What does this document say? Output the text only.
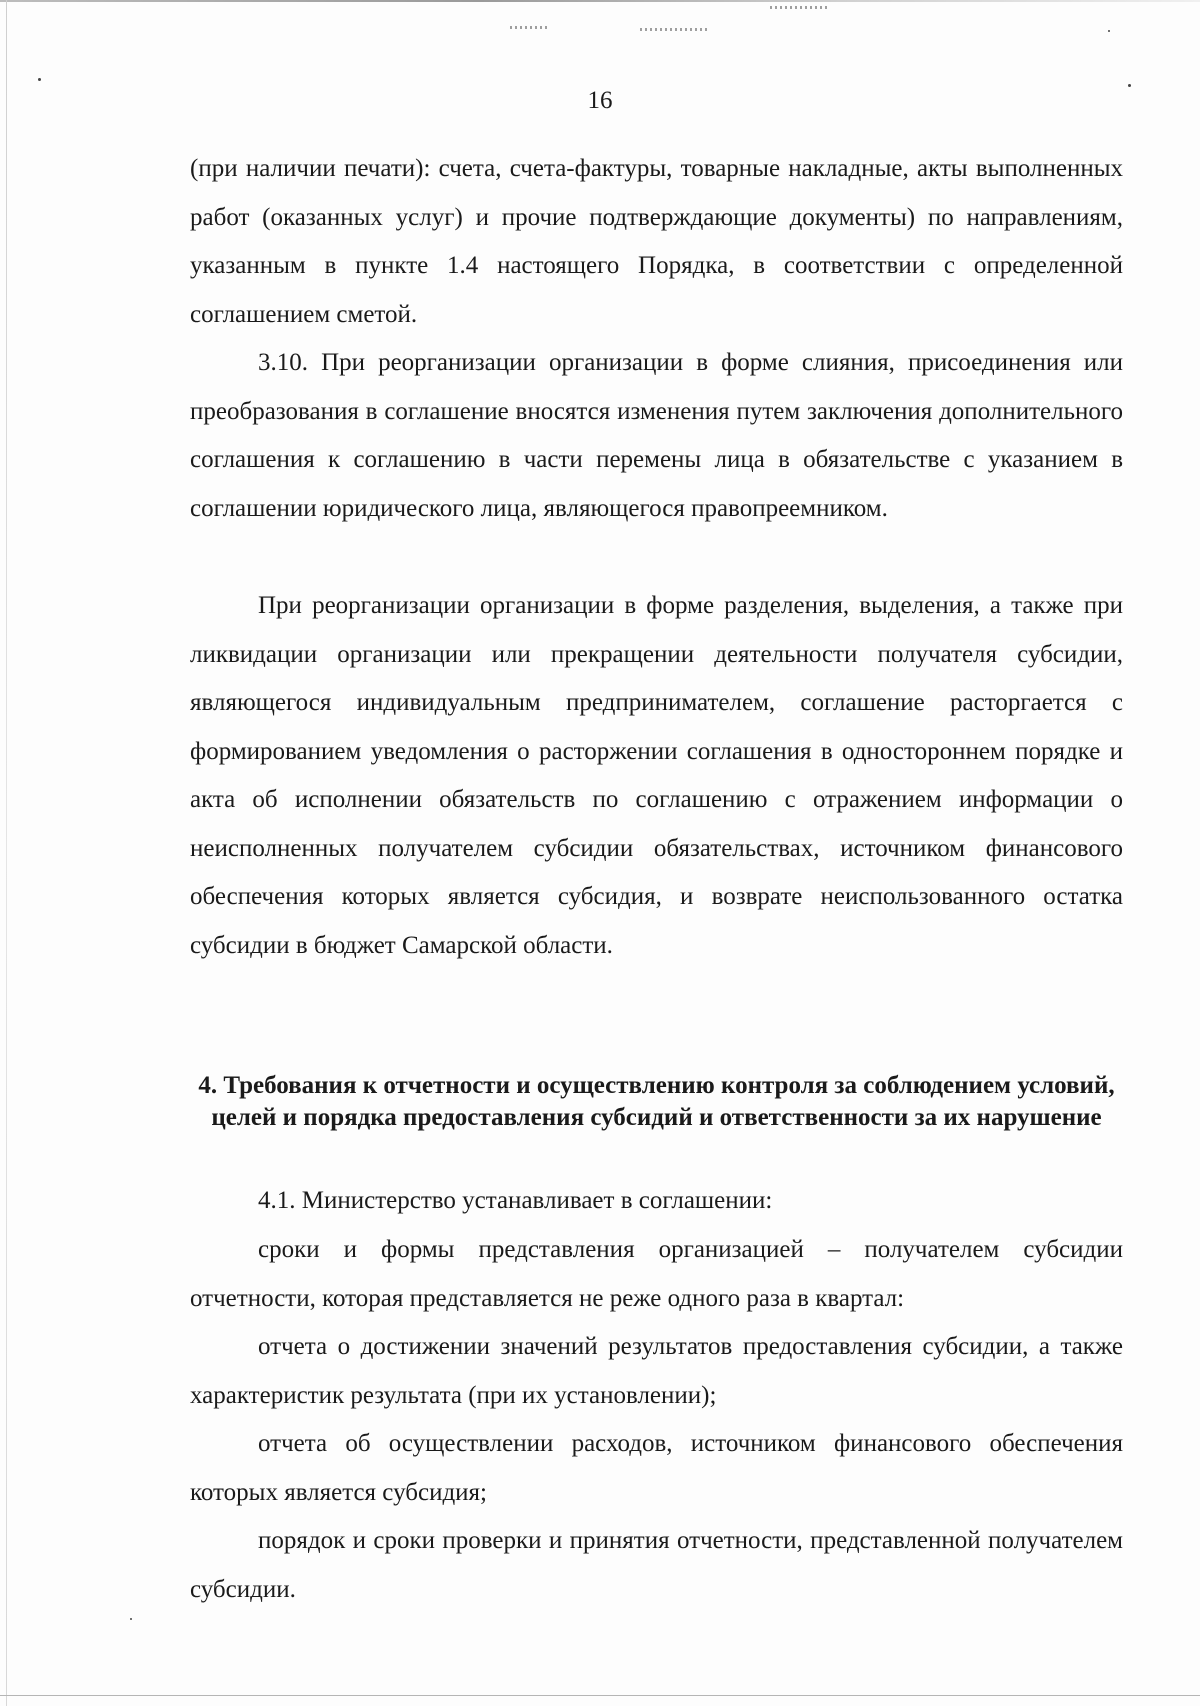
16

(при наличии печати): счета, счета-фактуры, товарные накладные, акты выполненных работ (оказанных услуг) и прочие подтверждающие документы) по направлениям, указанным в пункте 1.4 настоящего Порядка, в соответствии с определенной соглашением сметой.

3.10. При реорганизации организации в форме слияния, присоединения или преобразования в соглашение вносятся изменения путем заключения дополнительного соглашения к соглашению в части перемены лица в обязательстве с указанием в соглашении юридического лица, являющегося правопреемником.

При реорганизации организации в форме разделения, выделения, а также при ликвидации организации или прекращении деятельности получателя субсидии, являющегося индивидуальным предпринимателем, соглашение расторгается с формированием уведомления о расторжении соглашения в одностороннем порядке и акта об исполнении обязательств по соглашению с отражением информации о неисполненных получателем субсидии обязательствах, источником финансового обеспечения которых является субсидия, и возврате неиспользованного остатка субсидии в бюджет Самарской области.

4. Требования к отчетности и осуществлению контроля за соблюдением условий, целей и порядка предоставления субсидий и ответственности за их нарушение

4.1. Министерство устанавливает в соглашении:

сроки и формы представления организацией – получателем субсидии отчетности, которая представляется не реже одного раза в квартал:

отчета о достижении значений результатов предоставления субсидии, а также характеристик результата (при их установлении);

отчета об осуществлении расходов, источником финансового обеспечения которых является субсидия;

порядок и сроки проверки и принятия отчетности, представленной получателем субсидии.
